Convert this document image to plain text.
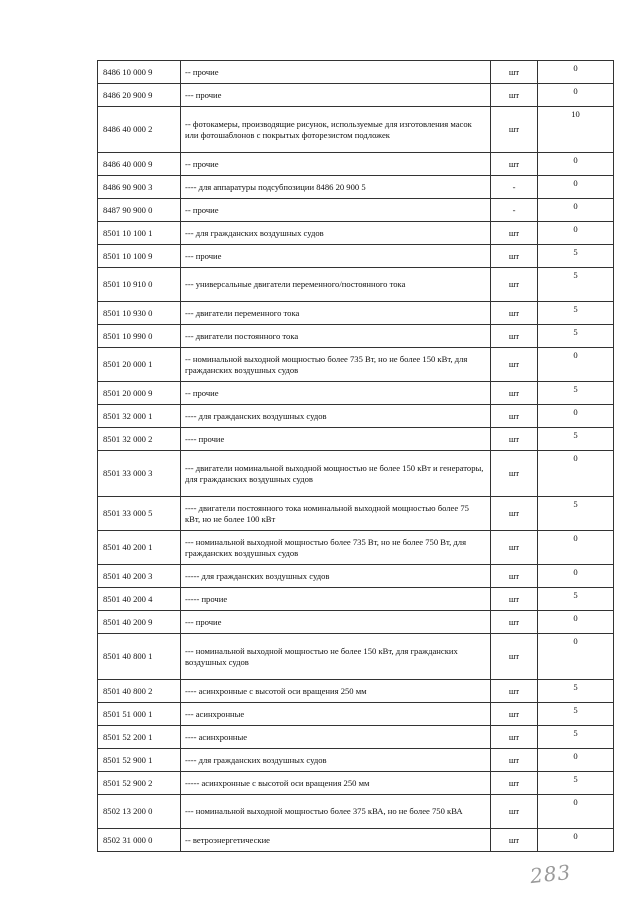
8486 10 000 9	-- прочие	шт	0
8486 20 900 9	--- прочие	шт	0
8486 40 000 2	-- фотокамеры, производящие рисунок, используемые для изготовления масок или фотошаблонов с покрытых фоторезистом подложек	шт	10
8486 40 000 9	-- прочие	шт	0
8486 90 900 3	---- для аппаратуры подсубпозиции 8486 20 900 5	-	0
8487 90 900 0	-- прочие	-	0
8501 10 100 1	--- для гражданских воздушных судов	шт	0
8501 10 100 9	--- прочие	шт	5
8501 10 910 0	--- универсальные двигатели переменного/постоянного тока	шт	5
8501 10 930 0	--- двигатели переменного тока	шт	5
8501 10 990 0	--- двигатели постоянного тока	шт	5
8501 20 000 1	-- номинальной выходной мощностью более 735 Вт, но не более 150 кВт, для гражданских воздушных судов	шт	0
8501 20 000 9	-- прочие	шт	5
8501 32 000 1	---- для гражданских воздушных судов	шт	0
8501 32 000 2	---- прочие	шт	5
8501 33 000 3	--- двигатели номинальной выходной мощностью не более 150 кВт и генераторы, для гражданских воздушных судов	шт	0
8501 33 000 5	---- двигатели постоянного тока номинальной выходной мощностью более 75 кВт, но не более 100 кВт	шт	5
8501 40 200 1	--- номинальной выходной мощностью более 735 Вт, но не более 750 Вт, для гражданских воздушных судов	шт	0
8501 40 200 3	----- для гражданских воздушных судов	шт	0
8501 40 200 4	----- прочие	шт	5
8501 40 200 9	--- прочие	шт	0
8501 40 800 1	--- номинальной выходной мощностью не более 150 кВт, для гражданских воздушных судов	шт	0
8501 40 800 2	---- асинхронные с высотой оси вращения 250 мм	шт	5
8501 51 000 1	--- асинхронные	шт	5
8501 52 200 1	---- асинхронные	шт	5
8501 52 900 1	---- для гражданских воздушных судов	шт	0
8501 52 900 2	----- асинхронные с высотой оси вращения 250 мм	шт	5
8502 13 200 0	--- номинальной выходной мощностью более 375 кВА, но не более 750 кВА	шт	0
8502 31 000 0	-- ветроэнергетические	шт	0
283
